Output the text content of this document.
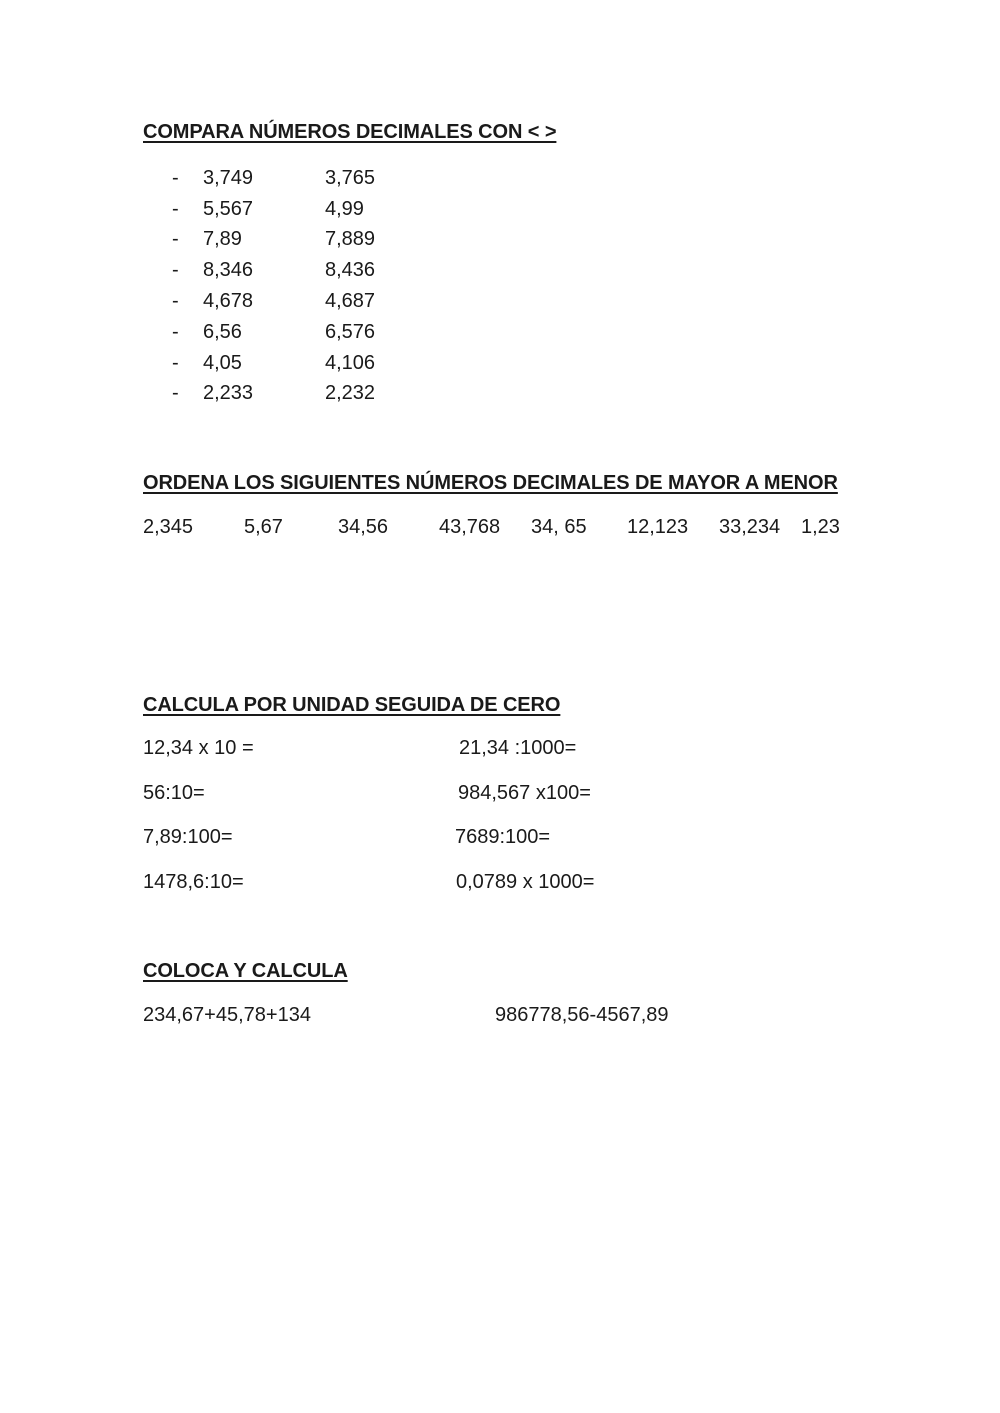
COMPARA NÚMEROS DECIMALES CON < >
- 3,749	3,765
- 5,567	4,99
- 7,89	7,889
- 8,346	8,436
- 4,678	4,687
- 6,56	6,576
- 4,05	4,106
- 2,233	2,232
ORDENA LOS SIGUIENTES NÚMEROS DECIMALES DE MAYOR A MENOR
2,345	5,67	34,56	43,768 34, 65 12,123 33,234 1,23
CALCULA POR UNIDAD SEGUIDA DE CERO
12,34 x 10 =	21,34 :1000=
56:10=	984,567 x100=
7,89:100=	7689:100=
1478,6:10=	0,0789 x 1000=
COLOCA Y CALCULA
234,67+45,78+134	986778,56-4567,89
